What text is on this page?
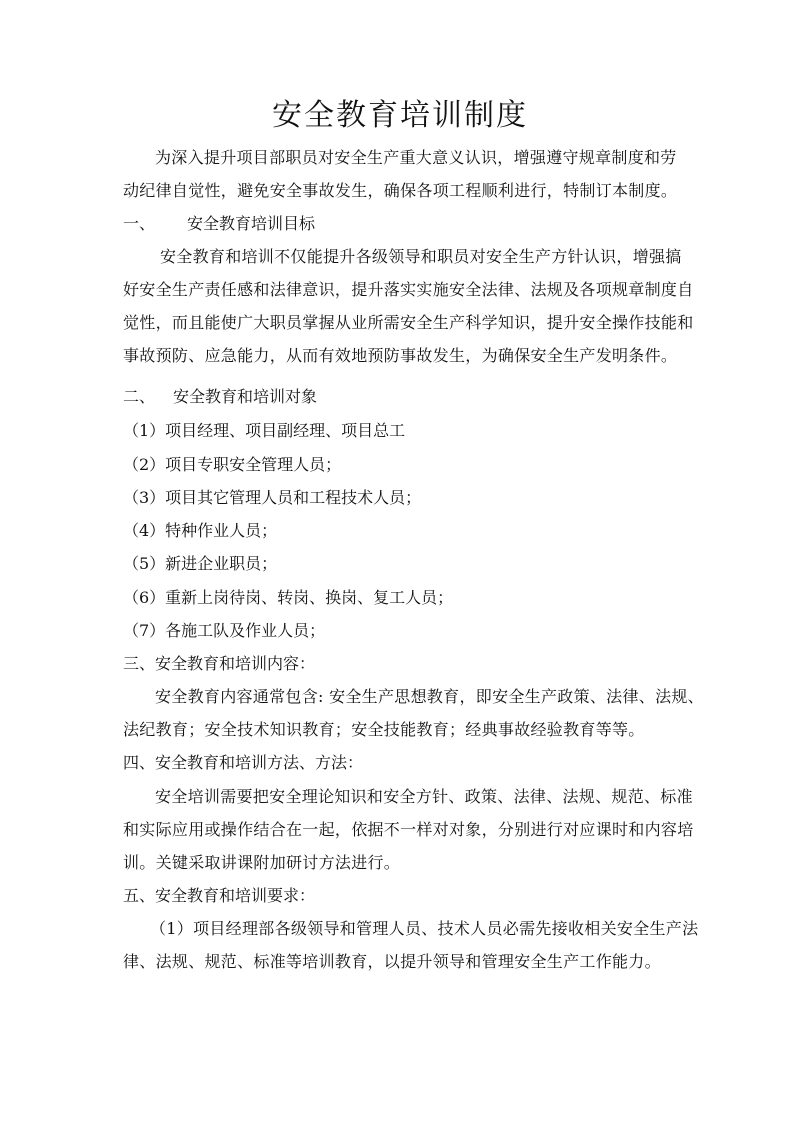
安全教育培训制度
为深入提升项目部职员对安全生产重大意义认识，增强遵守规章制度和劳
动纪律自觉性，避免安全事故发生，确保各项工程顺利进行，特制订本制度。
一、 安全教育培训目标
安全教育和培训不仅能提升各级领导和职员对安全生产方针认识，增强搞
好安全生产责任感和法律意识，提升落实实施安全法律、法规及各项规章制度自
觉性，而且能使广大职员掌握从业所需安全生产科学知识，提升安全操作技能和
事故预防、应急能力，从而有效地预防事故发生，为确保安全生产发明条件。
二、 安全教育和培训对象
（1）项目经理、项目副经理、项目总工
（2）项目专职安全管理人员；
（3）项目其它管理人员和工程技术人员；
（4）特种作业人员；
（5）新进企业职员；
（6）重新上岗待岗、转岗、换岗、复工人员；
（7）各施工队及作业人员；
三、安全教育和培训内容：
安全教育内容通常包含: 安全生产思想教育，即安全生产政策、法律、法规、
法纪教育；安全技术知识教育；安全技能教育；经典事故经验教育等等。
四、安全教育和培训方法、方法：
安全培训需要把安全理论知识和安全方针、政策、法律、法规、规范、标准
和实际应用或操作结合在一起，依据不一样对对象，分别进行对应课时和内容培
训。关键采取讲课附加研讨方法进行。
五、安全教育和培训要求：
（1）项目经理部各级领导和管理人员、技术人员必需先接收相关安全生产法
律、法规、规范、标准等培训教育，以提升领导和管理安全生产工作能力。
